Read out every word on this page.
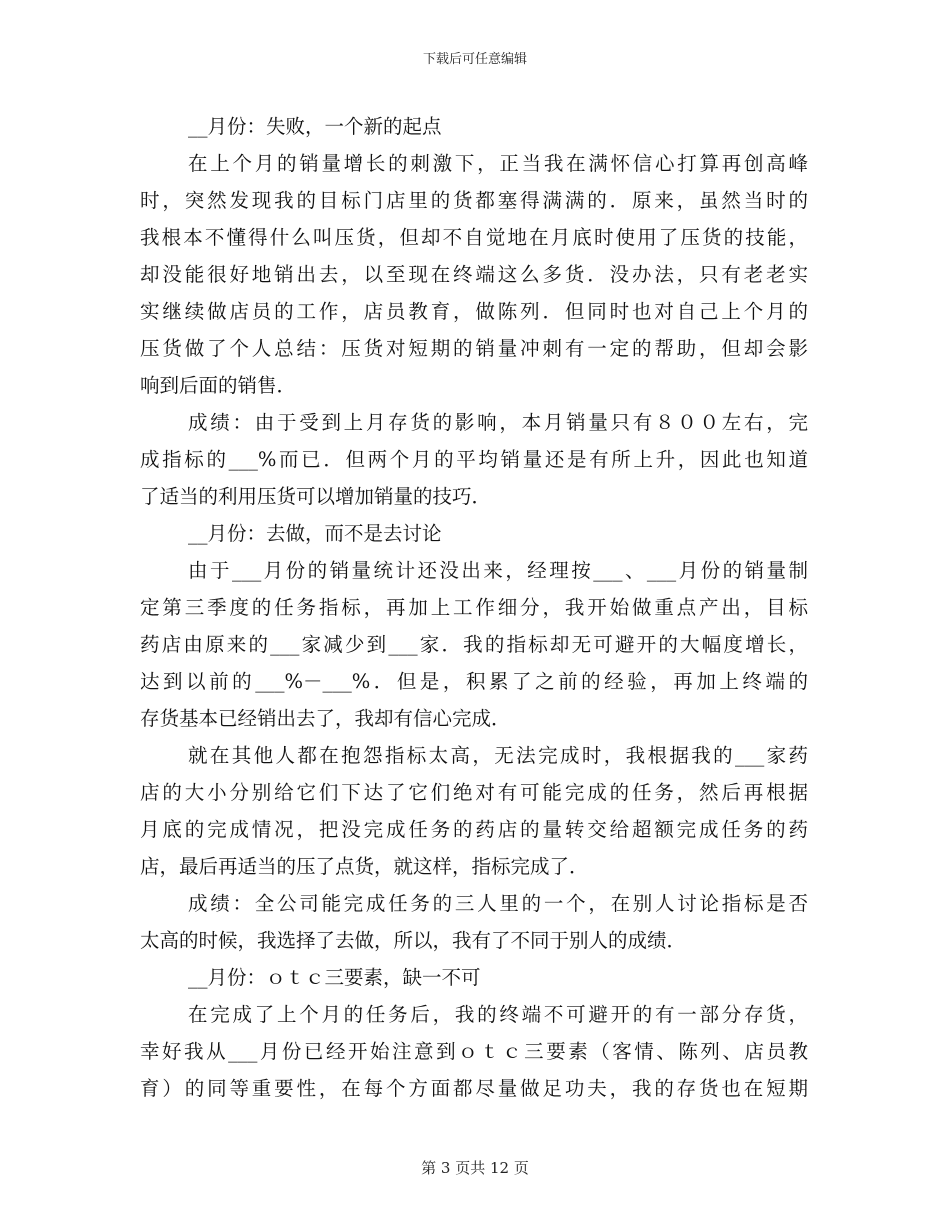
下载后可任意编辑
__月份：失败，一个新的起点
在上个月的销量增长的刺激下，正当我在满怀信心打算再创高峰
时，突然发现我的目标门店里的货都塞得满满的．原来，虽然当时的
我根本不懂得什么叫压货，但却不自觉地在月底时使用了压货的技能，
却没能很好地销出去，以至现在终端这么多货．没办法，只有老老实
实继续做店员的工作，店员教育，做陈列．但同时也对自己上个月的
压货做了个人总结：压货对短期的销量冲刺有一定的帮助，但却会影
响到后面的销售．
成绩：由于受到上月存货的影响，本月销量只有８００左右，完
成指标的___%而已．但两个月的平均销量还是有所上升，因此也知道
了适当的利用压货可以增加销量的技巧．
__月份：去做，而不是去讨论
由于___月份的销量统计还没出来，经理按___、___月份的销量制
定第三季度的任务指标，再加上工作细分，我开始做重点产出，目标
药店由原来的___家减少到___家．我的指标却无可避开的大幅度增长，
达到以前的___%－___%．但是，积累了之前的经验，再加上终端的
存货基本已经销出去了，我却有信心完成．
就在其他人都在抱怨指标太高，无法完成时，我根据我的___家药
店的大小分别给它们下达了它们绝对有可能完成的任务，然后再根据
月底的完成情况，把没完成任务的药店的量转交给超额完成任务的药
店，最后再适当的压了点货，就这样，指标完成了．
成绩：全公司能完成任务的三人里的一个，在别人讨论指标是否
太高的时候，我选择了去做，所以，我有了不同于别人的成绩．
__月份：ｏｔｃ三要素，缺一不可
在完成了上个月的任务后，我的终端不可避开的有一部分存货，
幸好我从___月份已经开始注意到ｏｔｃ三要素（客情、陈列、店员教
育）的同等重要性，在每个方面都尽量做足功夫，我的存货也在短期
第 3 页共 12 页
